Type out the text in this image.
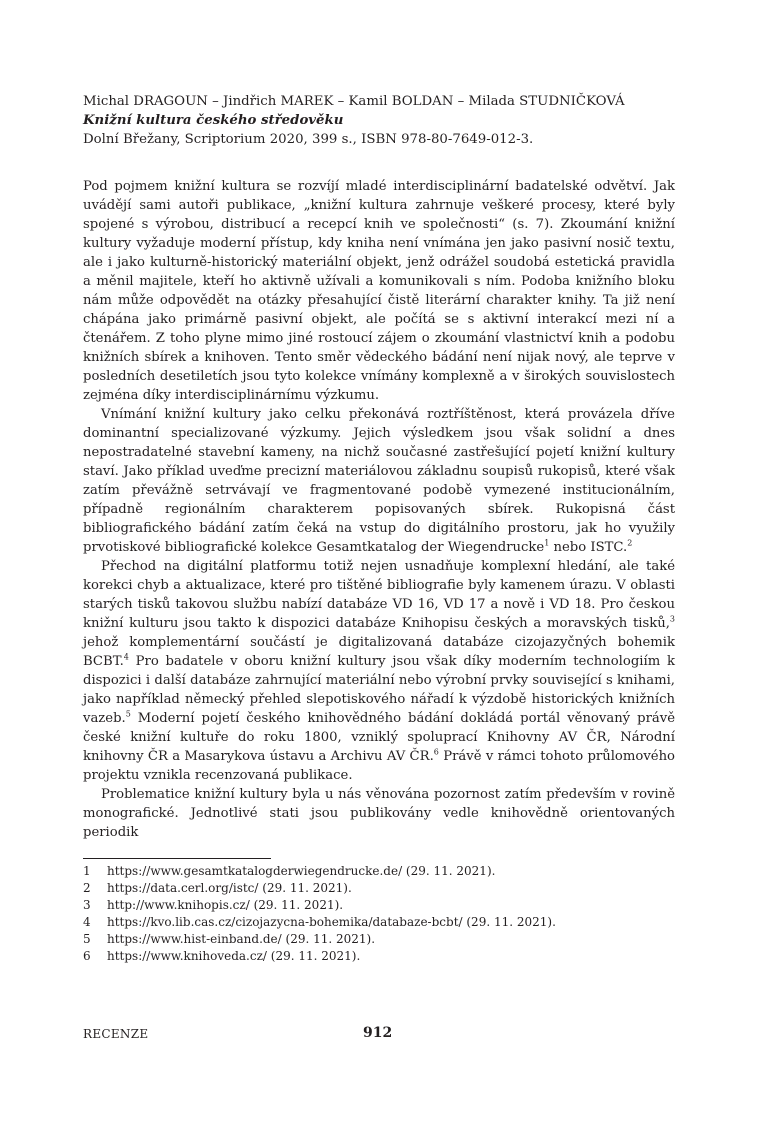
Michal DRAGOUN – Jindřich MAREK – Kamil BOLDAN – Milada STUDNIČKOVÁ
Knižní kultura českého středověku
Dolní Břežany, Scriptorium 2020, 399 s., ISBN 978-80-7649-012-3.

Pod pojmem knižní kultura se rozvíjí mladé interdisciplinární badatelské odvětví. Jak uvádějí sami autoři publikace, „knižní kultura zahrnuje veškeré procesy, které byly spojené s výrobou, distribucí a recepcí knih ve společnosti“ (s. 7). Zkoumání knižní kultury vyžaduje moderní přístup, kdy kniha není vnímána jen jako pasivní nosič textu, ale i jako kulturně-historický materiální objekt, jenž odrážel soudobá estetická pravidla a měnil majitele, kteří ho aktivně užívali a komunikovali s ním. Podoba knižního bloku nám může odpovědět na otázky přesahující čistě literární charakter knihy. Ta již není chápána jako primárně pasivní objekt, ale počítá se s aktivní interakcí mezi ní a čtenářem. Z toho plyne mimo jiné rostoucí zájem o zkoumání vlastnictví knih a podobu knižních sbírek a knihoven. Tento směr vědeckého bádání není nijak nový, ale teprve v posledních desetiletích jsou tyto kolekce vnímány komplexně a v širokých souvislostech zejména díky interdisciplinárnímu výzkumu.

Vnímání knižní kultury jako celku překonává roztříštěnost, která provázela dříve dominantní specializované výzkumy. Jejich výsledkem jsou však solidní a dnes nepostradatelné stavební kameny, na nichž současné zastřešující pojetí knižní kultury staví. Jako příklad uveďme precizní materiálovou základnu soupisů rukopisů, které však zatím převážně setrvávají ve fragmentované podobě vymezené institucionálním, případně regionálním charakterem popisovaných sbírek. Rukopisná část bibliografického bádání zatím čeká na vstup do digitálního prostoru, jak ho využily prvotiskové bibliografické kolekce Gesamtkatalog der Wiegendrucke$^1$ nebo ISTC.$^2$

Přechod na digitální platformu totiž nejen usnadňuje komplexní hledání, ale také korekci chyb a aktualizace, které pro tištěné bibliografie byly kamenem úrazu. V oblasti starých tisků takovou službu nabízí databáze VD 16, VD 17 a nově i VD 18. Pro českou knižní kulturu jsou takto k dispozici databáze Knihopisu českých a moravských tisků,$^3$ jehož komplementární součástí je digitalizovaná databáze cizojazyčných bohemik BCBT.$^4$ Pro badatele v oboru knižní kultury jsou však díky moderním technologiím k dispozici i další databáze zahrnující materiální nebo výrobní prvky související s knihami, jako například německý přehled slepotiskového nářadí k výzdobě historických knižních vazeb.$^5$ Moderní pojetí českého knihovědného bádání dokládá portál věnovaný právě české knižní kultuře do roku 1800, vzniklý spoluprací Knihovny AV ČR, Národní knihovny ČR a Masarykova ústavu a Archivu AV ČR.$^6$ Právě v rámci tohoto průlomového projektu vznikla recenzovaná publikace.

Problematice knižní kultury byla u nás věnována pozornost zatím především v rovině monografické. Jednotlivé stati jsou publikovány vedle knihovědně orientovaných periodik

1	https://www.gesamtkatalogderwiegendrucke.de/ (29. 11. 2021).
2	https://data.cerl.org/istc/ (29. 11. 2021).
3	http://www.knihopis.cz/ (29. 11. 2021).
4	https://kvo.lib.cas.cz/cizojazycna-bohemika/databaze-bcbt/ (29. 11. 2021).
5	https://www.hist-einband.de/ (29. 11. 2021).
6	https://www.knihoveda.cz/ (29. 11. 2021).
RECENZE	912
